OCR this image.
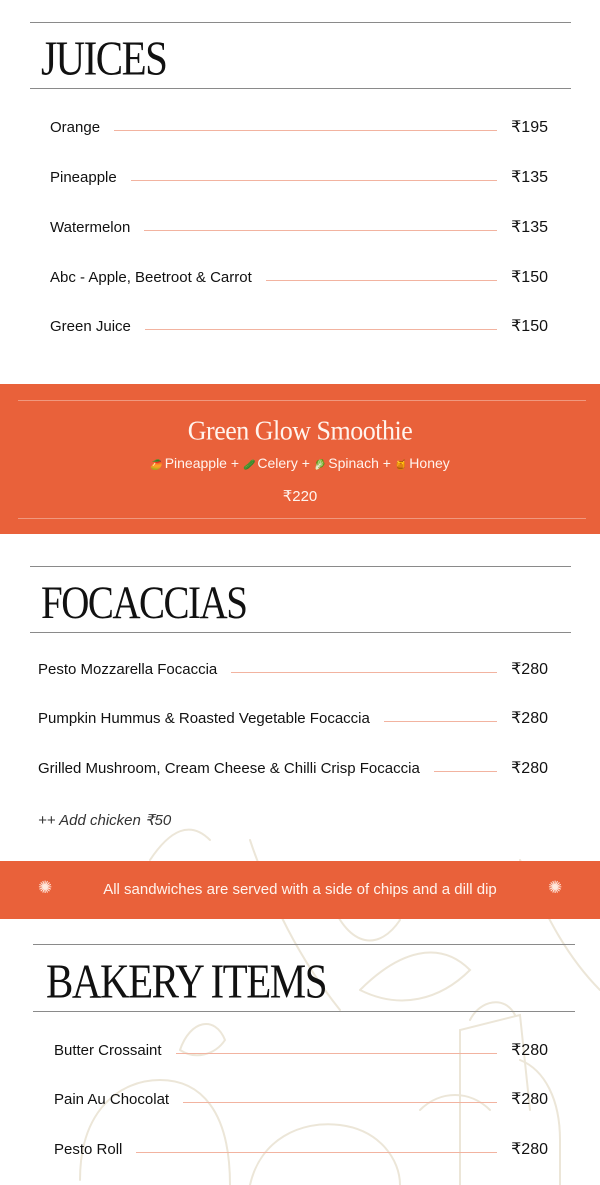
JUICES
Orange	₹195
Pineapple	₹135
Watermelon	₹135
Abc - Apple, Beetroot & Carrot	₹150
Green Juice	₹150
Green Glow Smoothie
🥭 Pineapple + 🥒 Celery + 🥬 Spinach + 🍯 Honey
₹220
FOCACCIAS
Pesto Mozzarella Focaccia	₹280
Pumpkin Hummus & Roasted Vegetable Focaccia	₹280
Grilled Mushroom, Cream Cheese & Chilli Crisp Focaccia	₹280
++ Add chicken ₹50
✺	All sandwiches are served with a side of chips and a dill dip	✺
BAKERY ITEMS
Butter Crossaint	₹280
Pain Au Chocolat	₹280
Pesto Roll	₹280
